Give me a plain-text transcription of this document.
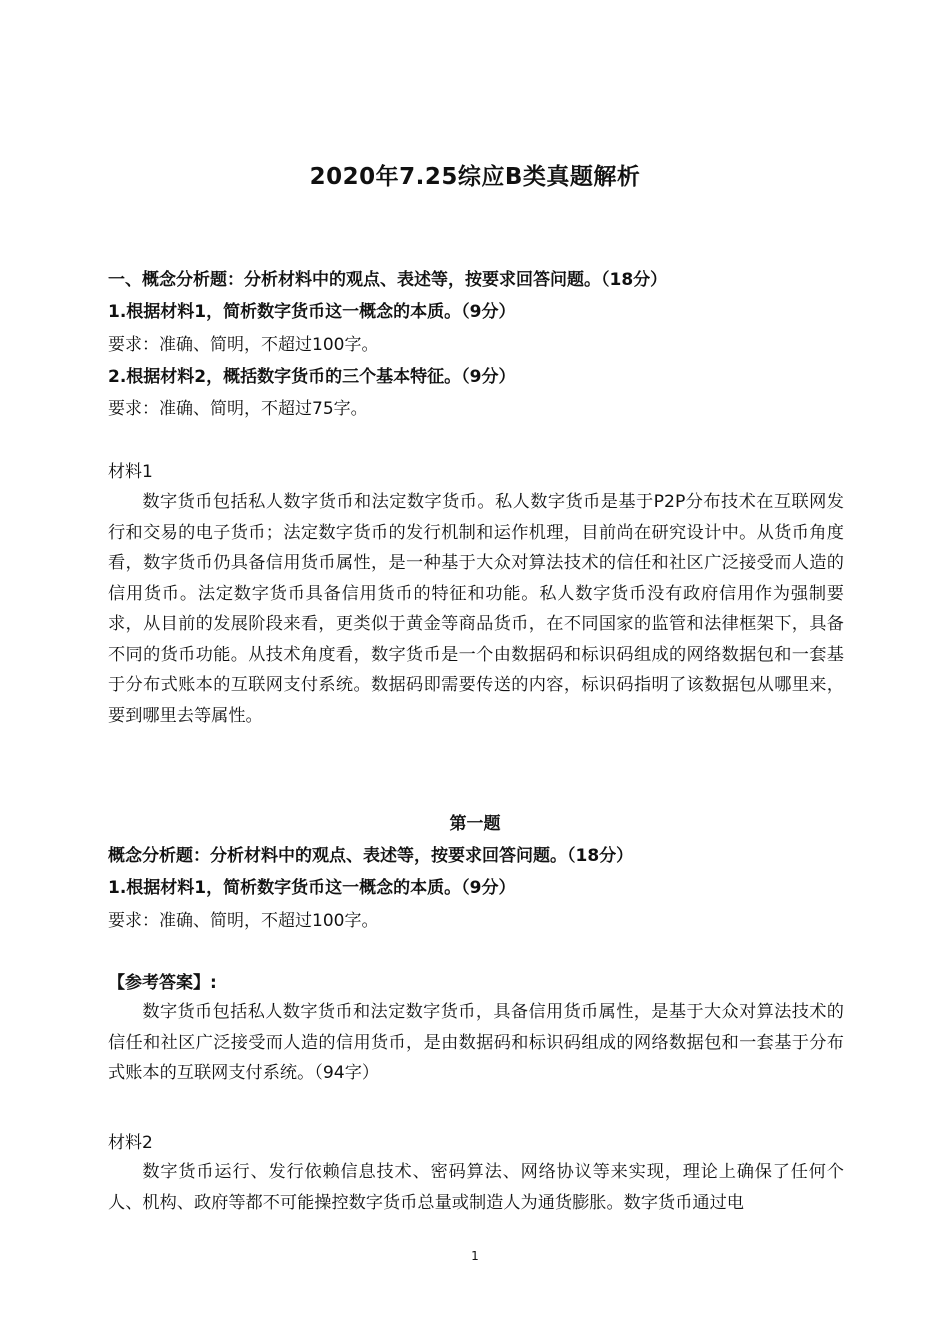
2020年7.25综应B类真题解析
一、概念分析题：分析材料中的观点、表述等，按要求回答问题。（18分）
1.根据材料1，简析数字货币这一概念的本质。（9分）
要求：准确、简明，不超过100字。
2.根据材料2，概括数字货币的三个基本特征。（9分）
要求：准确、简明，不超过75字。
材料1

数字货币包括私人数字货币和法定数字货币。私人数字货币是基于P2P分布技术在互联网发行和交易的电子货币；法定数字货币的发行机制和运作机理，目前尚在研究设计中。从货币角度看，数字货币仍具备信用货币属性，是一种基于大众对算法技术的信任和社区广泛接受而人造的信用货币。法定数字货币具备信用货币的特征和功能。私人数字货币没有政府信用作为强制要求，从目前的发展阶段来看，更类似于黄金等商品货币，在不同国家的监管和法律框架下，具备不同的货币功能。从技术角度看，数字货币是一个由数据码和标识码组成的网络数据包和一套基于分布式账本的互联网支付系统。数据码即需要传送的内容，标识码指明了该数据包从哪里来，要到哪里去等属性。

第一题
概念分析题：分析材料中的观点、表述等，按要求回答问题。（18分）
1.根据材料1，简析数字货币这一概念的本质。（9分）
要求：准确、简明，不超过100字。
【参考答案】:

数字货币包括私人数字货币和法定数字货币，具备信用货币属性，是基于大众对算法技术的信任和社区广泛接受而人造的信用货币，是由数据码和标识码组成的网络数据包和一套基于分布式账本的互联网支付系统。（94字）

材料2

数字货币运行、发行依赖信息技术、密码算法、网络协议等来实现，理论上确保了任何个人、机构、政府等都不可能操控数字货币总量或制造人为通货膨胀。数字货币通过电

1
